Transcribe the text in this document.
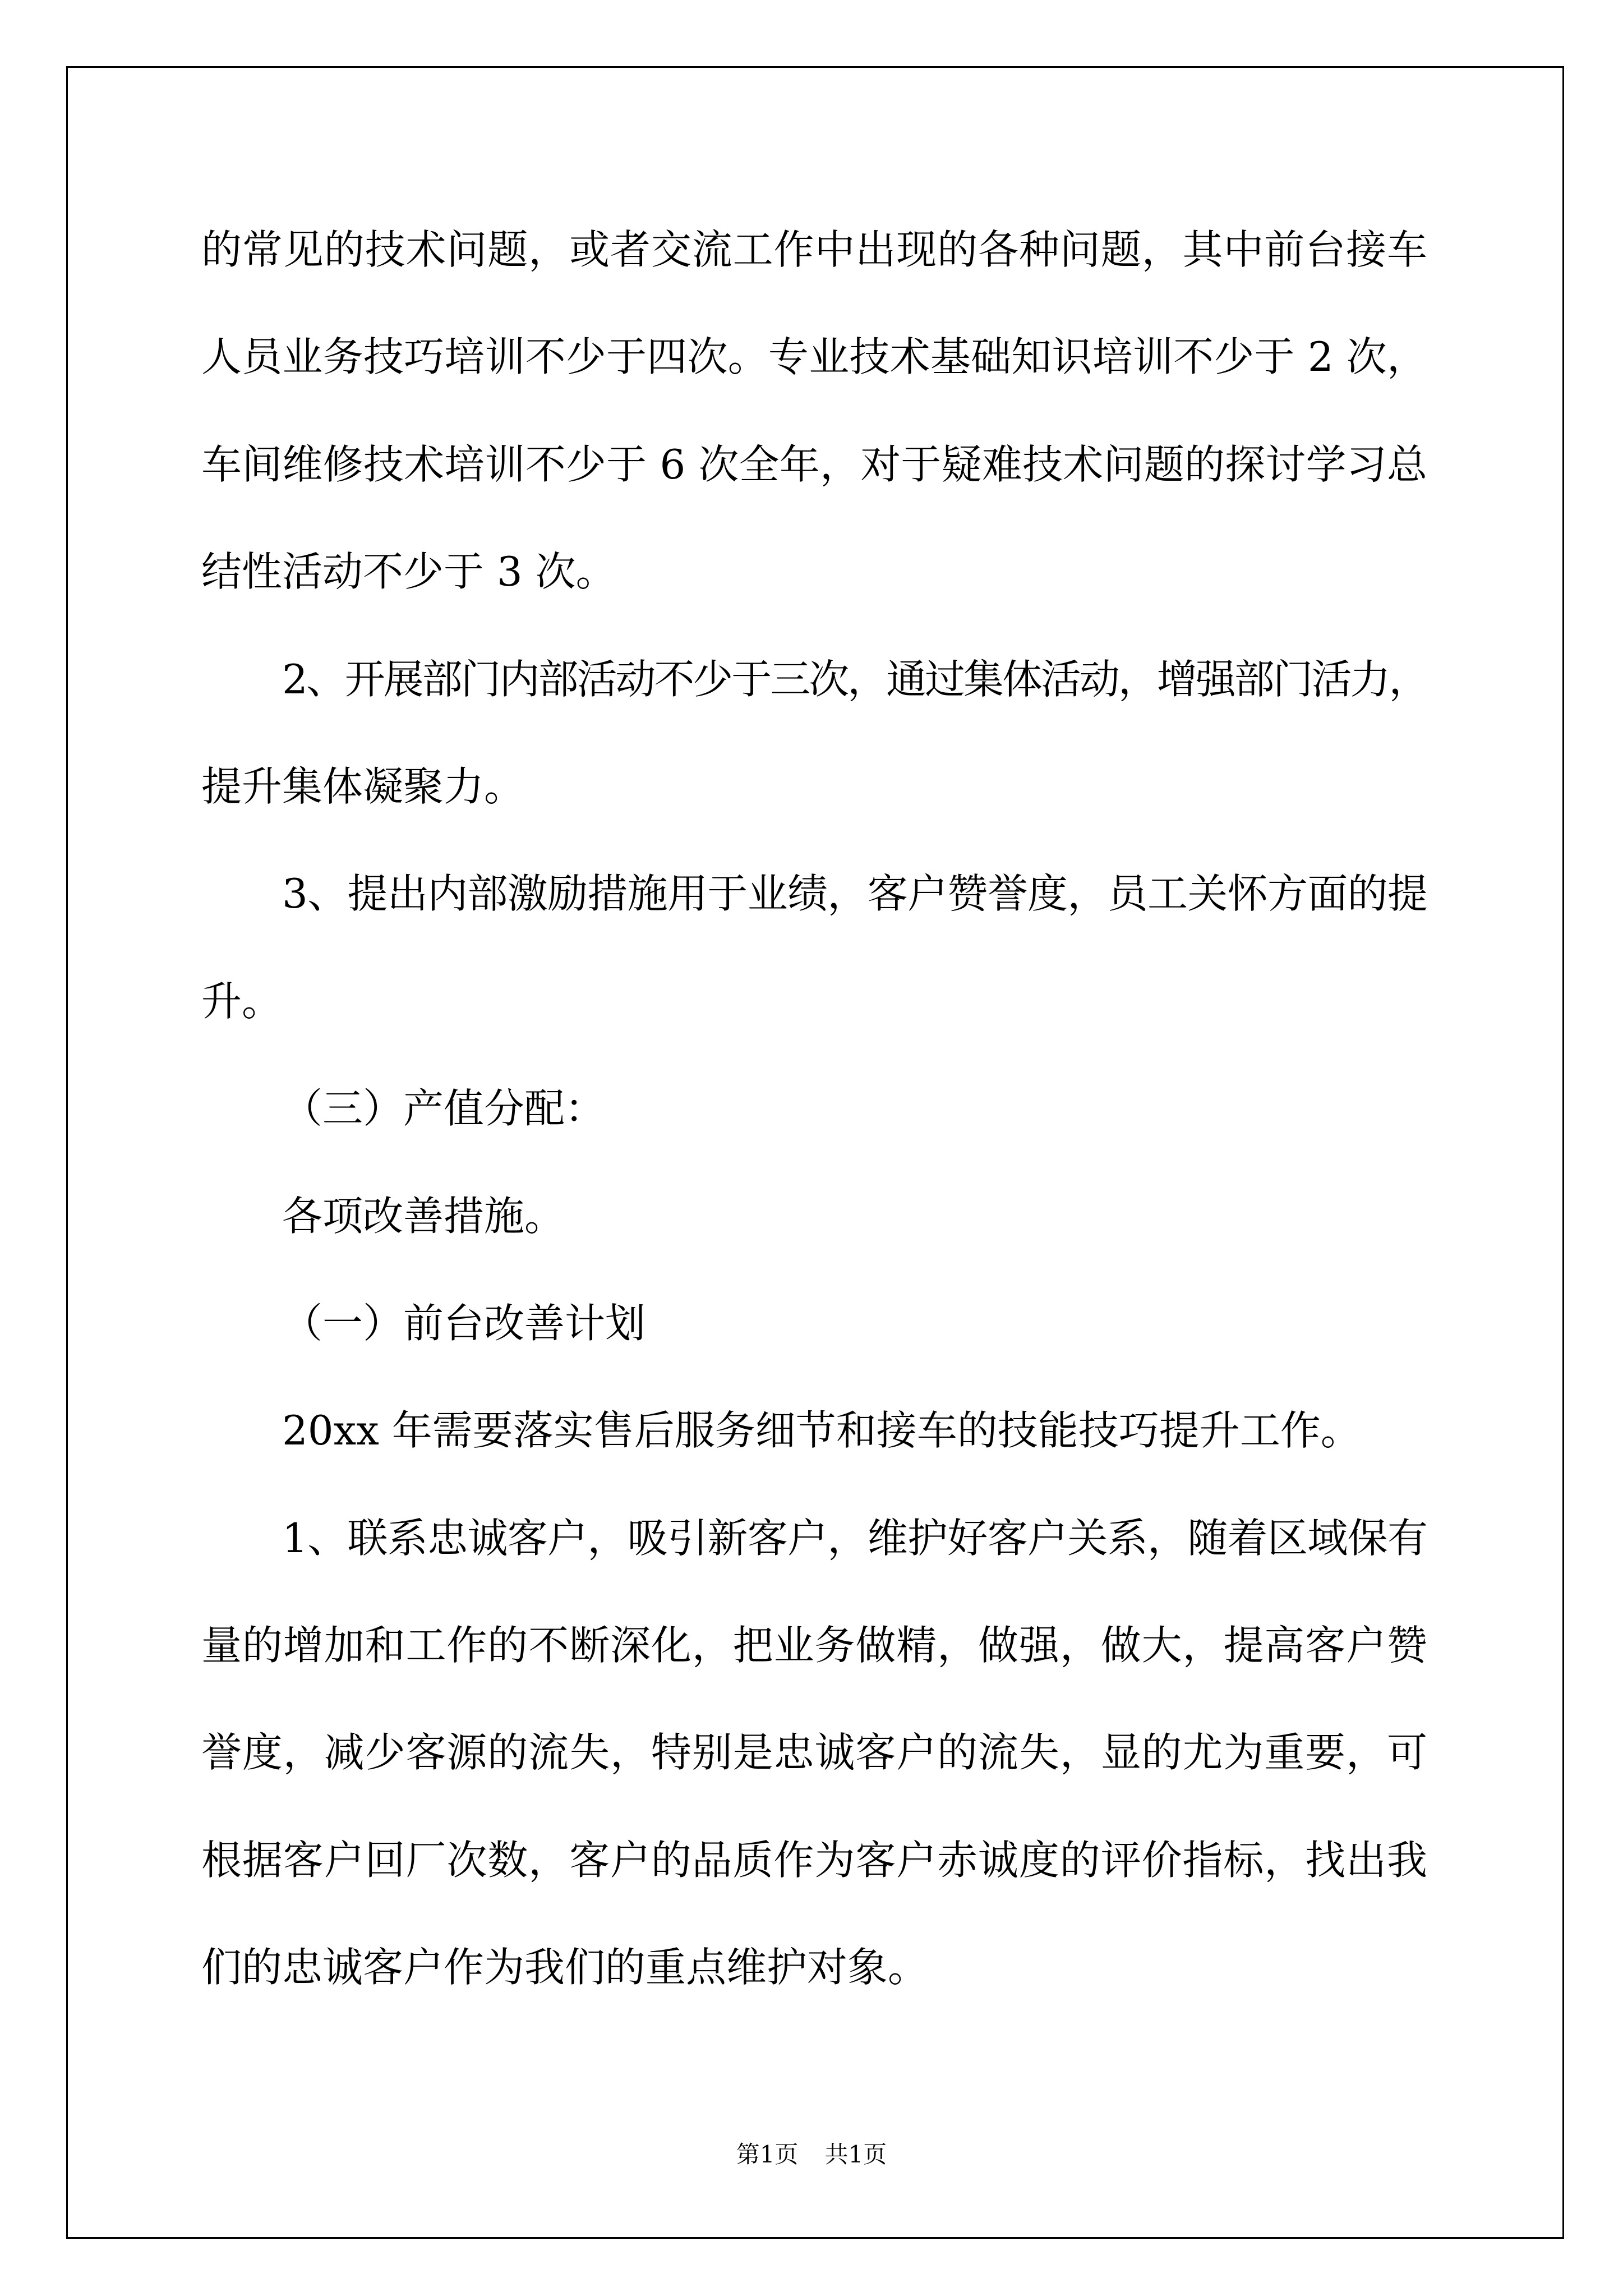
的常见的技术问题，或者交流工作中出现的各种问题，其中前台接车
人员业务技巧培训不少于四次。专业技术基础知识培训不少于 2 次，
车间维修技术培训不少于 6 次全年，对于疑难技术问题的探讨学习总
结性活动不少于 3 次。
2、开展部门内部活动不少于三次，通过集体活动，增强部门活力，
提升集体凝聚力。
3、提出内部激励措施用于业绩，客户赞誉度，员工关怀方面的提
升。
（三）产值分配：
各项改善措施。
（一）前台改善计划
20xx 年需要落实售后服务细节和接车的技能技巧提升工作。
1、联系忠诚客户，吸引新客户，维护好客户关系，随着区域保有
量的增加和工作的不断深化，把业务做精，做强，做大，提高客户赞
誉度，减少客源的流失，特别是忠诚客户的流失，显的尤为重要，可
根据客户回厂次数，客户的品质作为客户赤诚度的评价指标，找出我
们的忠诚客户作为我们的重点维护对象。
第1页 共1页
